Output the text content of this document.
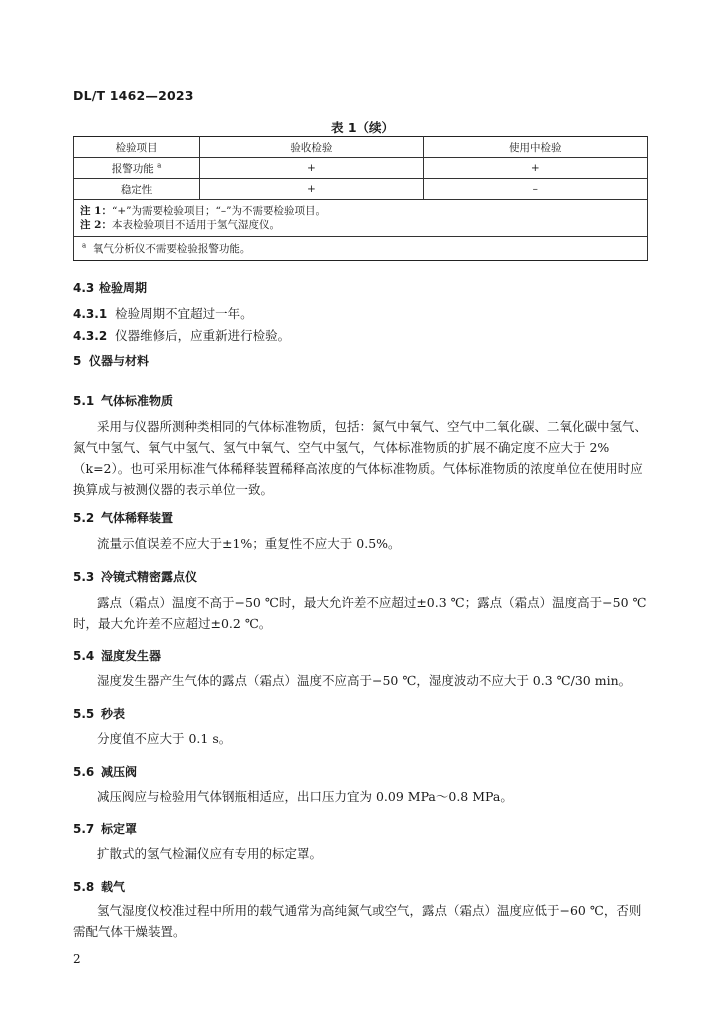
DL/T 1462—2023
表 1（续）
检验项目	验收检验	使用中检验
报警功能 $^a$	+	+
稳定性	+	–

注 1：“+”为需要检验项目；“–”为不需要检验项目。
注 2：本表检验项目不适用于氢气湿度仪。		

$^a$ 氧气分析仪不需要检验报警功能。		
4.3 检验周期
4.3.1 检验周期不宜超过一年。
4.3.2 仪器维修后，应重新进行检验。
5 仪器与材料
5.1 气体标准物质
采用与仪器所测种类相同的气体标准物质，包括：氮气中氧气、空气中二氧化碳、二氧化碳中氢气、氮气中氢气、氧气中氢气、氢气中氧气、空气中氢气，气体标准物质的扩展不确定度不应大于 2%（k=2）。也可采用标准气体稀释装置稀释高浓度的气体标准物质。气体标准物质的浓度单位在使用时应换算成与被测仪器的表示单位一致。
5.2 气体稀释装置
流量示值误差不应大于±1%；重复性不应大于 0.5%。
5.3 冷镜式精密露点仪
露点（霜点）温度不高于−50 ℃时，最大允许差不应超过±0.3 ℃；露点（霜点）温度高于−50 ℃时，最大允许差不应超过±0.2 ℃。
5.4 湿度发生器
湿度发生器产生气体的露点（霜点）温度不应高于−50 ℃，湿度波动不应大于 0.3 ℃/30 min。
5.5 秒表
分度值不应大于 0.1 s。
5.6 减压阀
减压阀应与检验用气体钢瓶相适应，出口压力宜为 0.09 MPa～0.8 MPa。
5.7 标定罩
扩散式的氢气检漏仪应有专用的标定罩。
5.8 载气
氢气湿度仪校准过程中所用的载气通常为高纯氮气或空气，露点（霜点）温度应低于−60 ℃，否则需配气体干燥装置。
2
